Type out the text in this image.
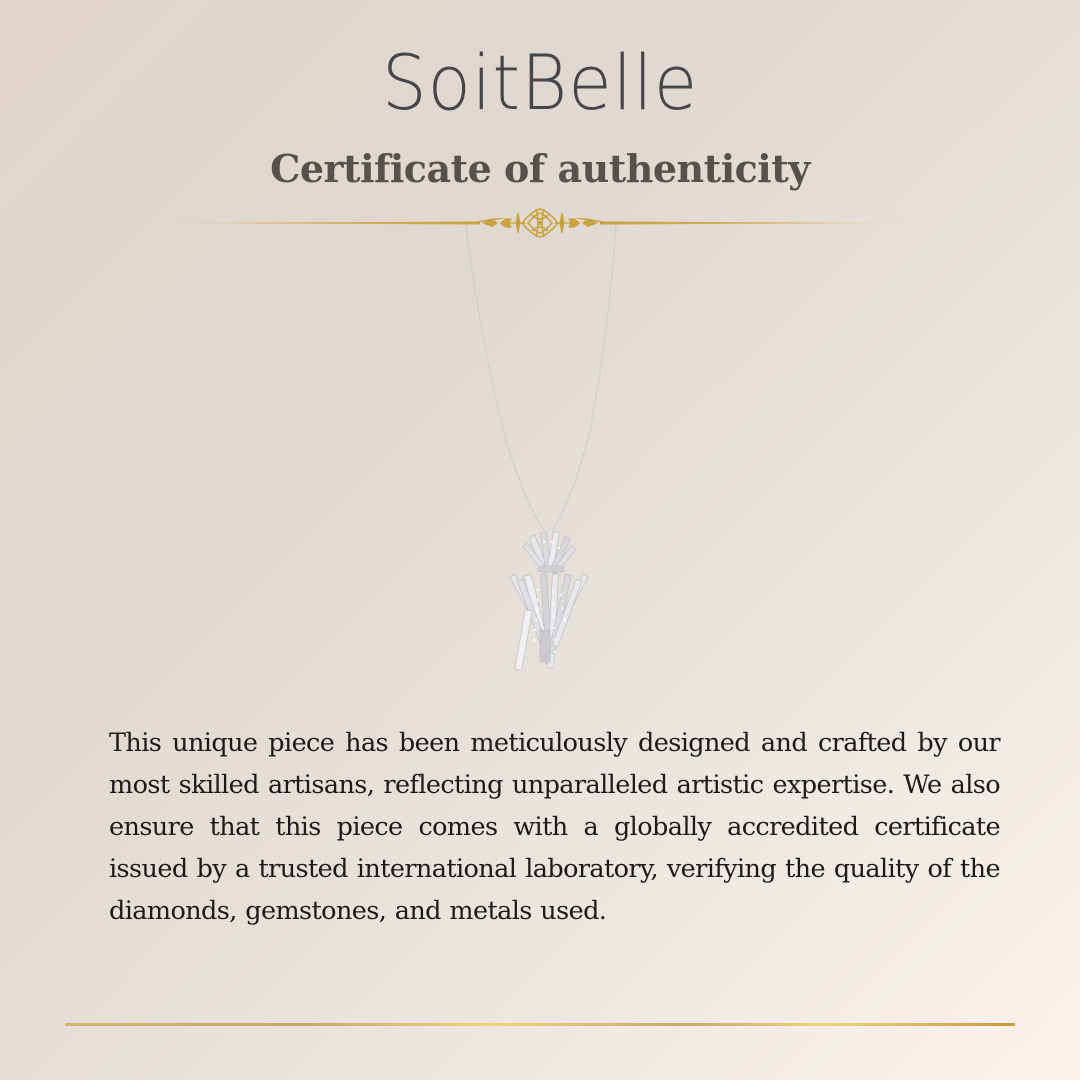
SoitBelle
Certificate of authenticity

This unique piece has been meticulously designed and crafted by our most skilled artisans, reflecting unparalleled artistic expertise. We also ensure that this piece comes with a globally accredited certificate issued by a trusted international laboratory, verifying the quality of the diamonds, gemstones, and metals used.
